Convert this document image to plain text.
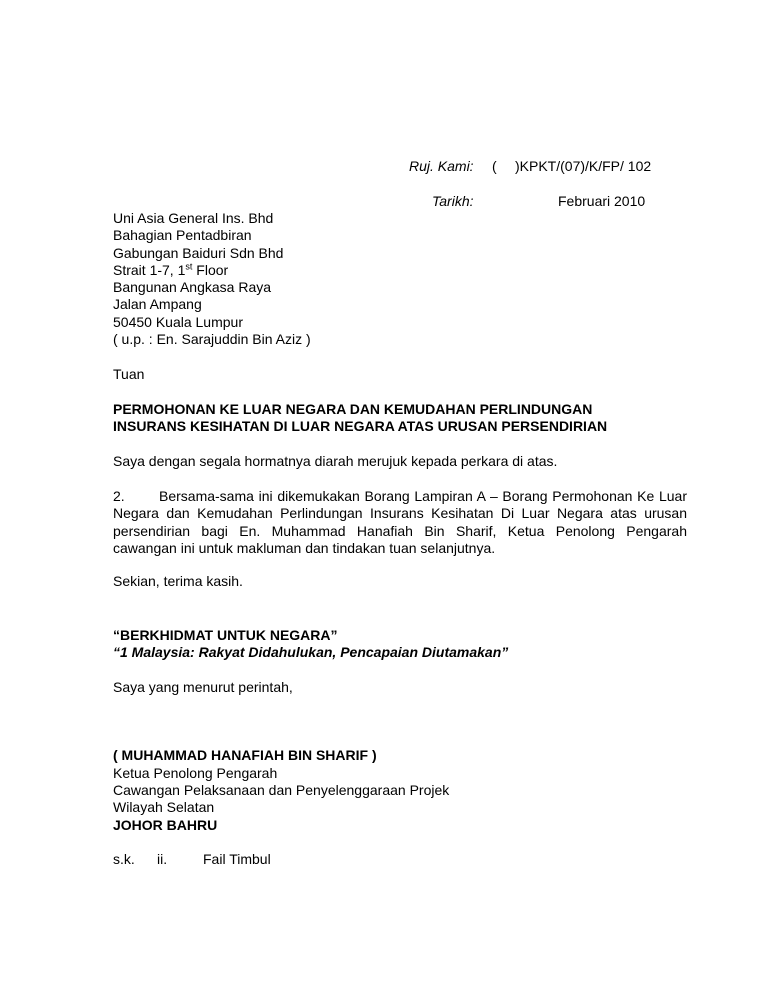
Ruj. Kami: ( )KPKT/(07)/K/FP/ 102
Tarikh:	Februari 2010
Uni Asia General Ins. Bhd
Bahagian Pentadbiran
Gabungan Baiduri Sdn Bhd
Strait 1-7, 1st Floor
Bangunan Angkasa Raya
Jalan Ampang
50450 Kuala Lumpur
( u.p. : En. Sarajuddin Bin Aziz )
Tuan
PERMOHONAN KE LUAR NEGARA DAN KEMUDAHAN PERLINDUNGAN
INSURANS KESIHATAN DI LUAR NEGARA ATAS URUSAN PERSENDIRIAN
Saya dengan segala hormatnya diarah merujuk kepada perkara di atas.
2. Bersama-sama ini dikemukakan Borang Lampiran A – Borang Permohonan Ke Luar Negara dan Kemudahan Perlindungan Insurans Kesihatan Di Luar Negara atas urusan persendirian bagi En. Muhammad Hanafiah Bin Sharif, Ketua Penolong Pengarah cawangan ini untuk makluman dan tindakan tuan selanjutnya.
Sekian, terima kasih.
“BERKHIDMAT UNTUK NEGARA”
“1 Malaysia: Rakyat Didahulukan, Pencapaian Diutamakan”
Saya yang menurut perintah,
( MUHAMMAD HANAFIAH BIN SHARIF )
Ketua Penolong Pengarah
Cawangan Pelaksanaan dan Penyelenggaraan Projek
Wilayah Selatan
JOHOR BAHRU
s.k. ii.	Fail Timbul
